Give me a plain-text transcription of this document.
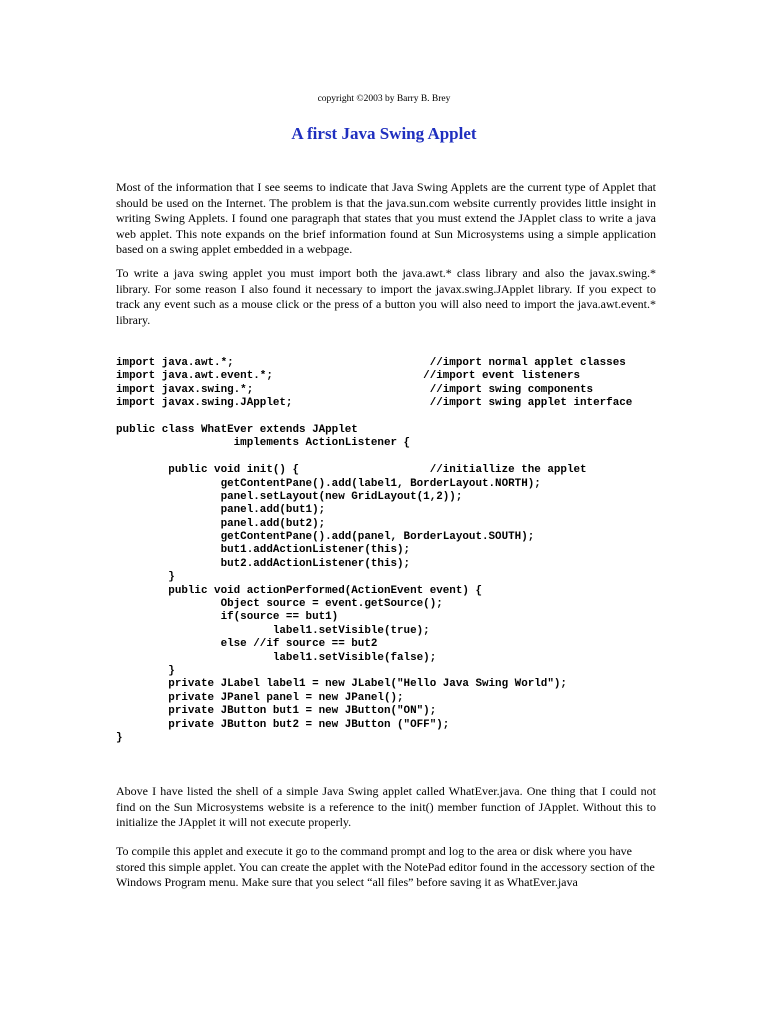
copyright ©2003 by Barry B. Brey
A first Java Swing Applet

Most of the information that I see seems to indicate that Java Swing Applets are the current type of Applet that should be used on the Internet. The problem is that the java.sun.com website currently provides little insight in writing Swing Applets. I found one paragraph that states that you must extend the JApplet class to write a java web applet. This note expands on the brief information found at Sun Microsystems using a simple application based on a swing applet embedded in a webpage.

To write a java swing applet you must import both the java.awt.* class library and also the javax.swing.* library. For some reason I also found it necessary to import the javax.swing.JApplet library. If you expect to track any event such as a mouse click or the press of a button you will also need to import the java.awt.event.* library.

import java.awt.*;                              //import normal applet classes
import java.awt.event.*;                       //import event listeners
import javax.swing.*;                           //import swing components
import javax.swing.JApplet;                     //import swing applet interface
public class WhatEver extends JApplet
implements ActionListener {
public void init() {                    //initiallize the applet
getContentPane().add(label1, BorderLayout.NORTH);
panel.setLayout(new GridLayout(1,2));
panel.add(but1);
panel.add(but2);
getContentPane().add(panel, BorderLayout.SOUTH);
but1.addActionListener(this);
but2.addActionListener(this);
}
public void actionPerformed(ActionEvent event) {
Object source = event.getSource();
if(source == but1)
label1.setVisible(true);
else //if source == but2
label1.setVisible(false);
}
private JLabel label1 = new JLabel("Hello Java Swing World");
private JPanel panel = new JPanel();
private JButton but1 = new JButton("ON");
private JButton but2 = new JButton ("OFF");
}

Above I have listed the shell of a simple Java Swing applet called WhatEver.java. One thing that I could not find on the Sun Microsystems website is a reference to the init() member function of JApplet. Without this to initialize the JApplet it will not execute properly.

To compile this applet and execute it go to the command prompt and log to the area or disk where you have stored this simple applet. You can create the applet with the NotePad editor found in the accessory section of the Windows Program menu. Make sure that you select “all files” before saving it as WhatEver.java
